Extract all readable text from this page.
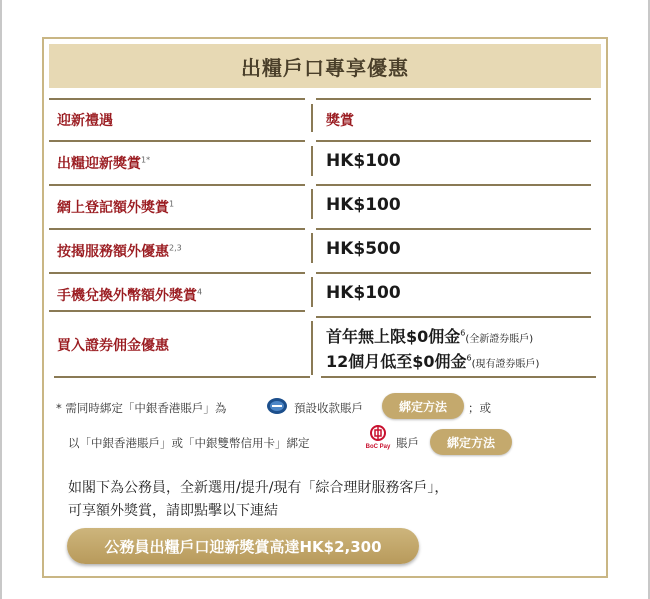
出糧戶口專享優惠
迎新禮遇	獎賞
出糧迎新獎賞$^{1*}$	HK$100
網上登記額外獎賞$^1$	HK$100
按揭服務額外優惠$^{2,3}$	HK$500
手機兌換外幣額外獎賞$^4$	HK$100
買入證券佣金優惠	首年無上限$0佣金$^6$(全新證券賬戶)
12個月低至$0佣金$^6$(現有證券賬戶)
* 需同時綁定「中銀香港賬戶」為	預設收款賬戶	綁定方法	；或
以「中銀香港賬戶」或「中銀雙幣信用卡」綁定	BoC Pay 賬戶	綁定方法
如閣下為公務員，全新選用/提升/現有「綜合理財服務客戶」，
可享額外獎賞，請即點擊以下連結
公務員出糧戶口迎新獎賞高達HK$2,300
